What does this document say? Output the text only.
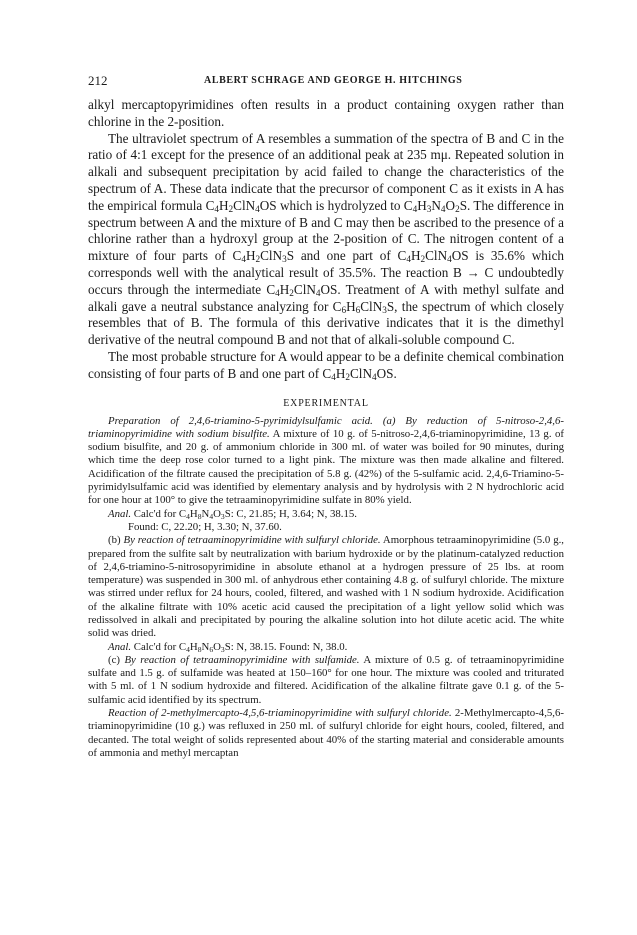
212	ALBERT SCHRAGE AND GEORGE H. HITCHINGS

alkyl mercaptopyrimidines often results in a product containing oxygen rather than chlorine in the 2-position.

The ultraviolet spectrum of A resembles a summation of the spectra of B and C in the ratio of 4:1 except for the presence of an additional peak at 235 mμ. Repeated solution in alkali and subsequent precipitation by acid failed to change the characteristics of the spectrum of A. These data indicate that the precursor of component C as it exists in A has the empirical formula $C_4H_2ClN_4OS$ which is hydrolyzed to $C_4H_3N_4O_2S$. The difference in spectrum between A and the mixture of B and C may then be ascribed to the presence of a chlorine rather than a hydroxyl group at the 2-position of C. The nitrogen content of a mixture of four parts of $C_4H_2ClN_3S$ and one part of $C_4H_2ClN_4OS$ is 35.6% which corresponds well with the analytical result of 35.5%. The reaction B → C undoubtedly occurs through the intermediate $C_4H_2ClN_4OS$. Treatment of A with methyl sulfate and alkali gave a neutral substance analyzing for $C_6H_6ClN_3S$, the spectrum of which closely resembles that of B. The formula of this derivative indicates that it is the dimethyl derivative of the neutral compound B and not that of alkali-soluble compound C.

The most probable structure for A would appear to be a definite chemical combination consisting of four parts of B and one part of $C_4H_2ClN_4OS$.

EXPERIMENTAL

Preparation of 2,4,6-triamino-5-pyrimidylsulfamic acid. (a) By reduction of 5-nitroso-2,4,6-triaminopyrimidine with sodium bisulfite. A mixture of 10 g. of 5-nitroso-2,4,6-triaminopyrimidine, 13 g. of sodium bisulfite, and 20 g. of ammonium chloride in 300 ml. of water was boiled for 90 minutes, during which time the deep rose color turned to a light pink. The mixture was then made alkaline and filtered. Acidification of the filtrate caused the precipitation of 5.8 g. (42%) of the 5-sulfamic acid. 2,4,6-Triamino-5-pyrimidylsulfamic acid was identified by elementary analysis and by hydrolysis with 2 N hydrochloric acid for one hour at 100° to give the tetraaminopyrimidine sulfate in 80% yield.

Anal. Calc'd for $C_4H_8N_4O_3S$: C, 21.85; H, 3.64; N, 38.15.

Found: C, 22.20; H, 3.30; N, 37.60.

(b) By reaction of tetraaminopyrimidine with sulfuryl chloride. Amorphous tetraaminopyrimidine (5.0 g., prepared from the sulfite salt by neutralization with barium hydroxide or by the platinum-catalyzed reduction of 2,4,6-triamino-5-nitrosopyrimidine in absolute ethanol at a hydrogen pressure of 25 lbs. at room temperature) was suspended in 300 ml. of anhydrous ether containing 4.8 g. of sulfuryl chloride. The mixture was stirred under reflux for 24 hours, cooled, filtered, and washed with 1 N sodium hydroxide. Acidification of the alkaline filtrate with 10% acetic acid caused the precipitation of a light yellow solid which was redissolved in alkali and precipitated by pouring the alkaline solution into hot dilute acetic acid. The white solid was dried.

Anal. Calc'd for $C_4H_8N_6O_3S$: N, 38.15. Found: N, 38.0.

(c) By reaction of tetraaminopyrimidine with sulfamide. A mixture of 0.5 g. of tetraaminopyrimidine sulfate and 1.5 g. of sulfamide was heated at 150–160° for one hour. The mixture was cooled and triturated with 5 ml. of 1 N sodium hydroxide and filtered. Acidification of the alkaline filtrate gave 0.1 g. of the 5-sulfamic acid identified by its spectrum.

Reaction of 2-methylmercapto-4,5,6-triaminopyrimidine with sulfuryl chloride. 2-Methylmercapto-4,5,6-triaminopyrimidine (10 g.) was refluxed in 250 ml. of sulfuryl chloride for eight hours, cooled, filtered, and decanted. The total weight of solids represented about 40% of the starting material and considerable amounts of ammonia and methyl mercaptan
